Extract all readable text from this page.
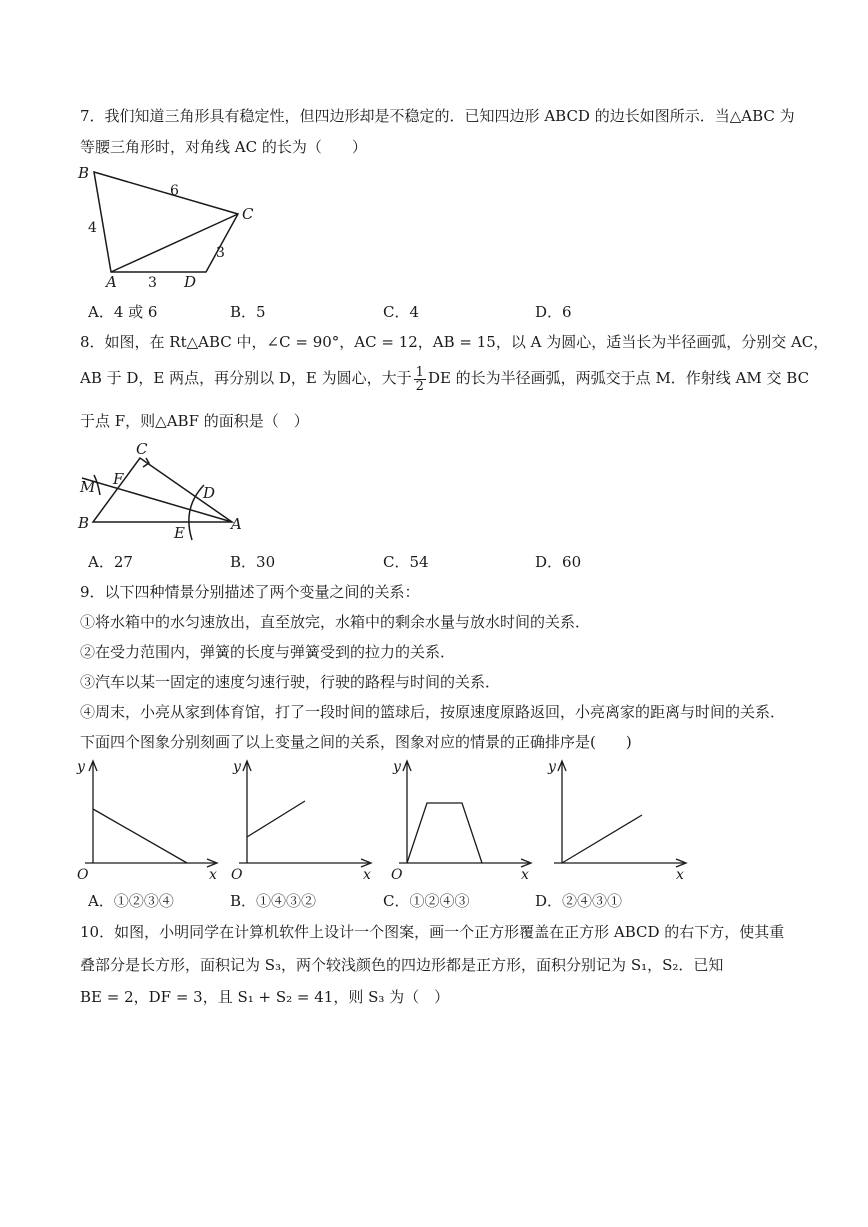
7．我们知道三角形具有稳定性，但四边形却是不稳定的．已知四边形 ABCD 的边长如图所示．当△ABC 为
等腰三角形时，对角线 AC 的长为（　　）
B
C
A	D
6
4
3
3
A．4 或 6	B．5	C．4	D．6
8．如图，在 Rt△ABC 中，∠C = 90°，AC = 12，AB = 15，以 A 为圆心，适当长为半径画弧，分别交 AC，
AB 于 D，E 两点，再分别以 D，E 为圆心，大于 $\frac{1}{2}$ DE 的长为半径画弧，两弧交于点 M．作射线 AM 交 BC
于点 F，则△ABF 的面积是（　）
C
F
M	D
B
E	A
A．27	B．30	C．54	D．60
9．以下四种情景分别描述了两个变量之间的关系：
①将水箱中的水匀速放出，直至放完，水箱中的剩余水量与放水时间的关系．
②在受力范围内，弹簧的长度与弹簧受到的拉力的关系．
③汽车以某一固定的速度匀速行驶，行驶的路程与时间的关系．
④周末，小亮从家到体育馆，打了一段时间的篮球后，按原速度原路返回，小亮离家的距离与时间的关系．
下面四个图象分别刻画了以上变量之间的关系，图象对应的情景的正确排序是(　　)
y
x
O
y
x
O
y
x
O
y
x
A．①②③④	B．①④③②	C．①②④③	D．②④③①
10．如图，小明同学在计算机软件上设计一个图案，画一个正方形覆盖在正方形 ABCD 的右下方，使其重
叠部分是长方形，面积记为 S₃，两个较浅颜色的四边形都是正方形，面积分别记为 S₁，S₂．已知
BE = 2，DF = 3，且 S₁ + S₂ = 41，则 S₃ 为（　）
